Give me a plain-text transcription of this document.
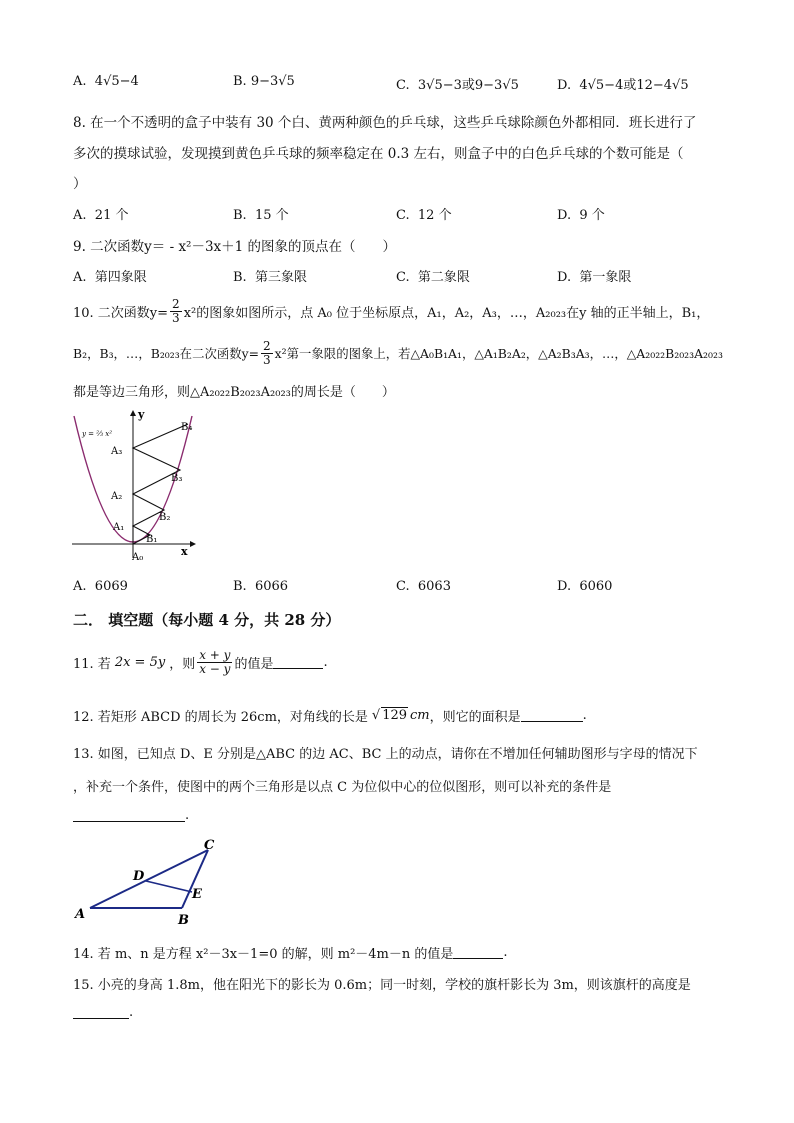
A. 4√5−4	B. 9−3√5	C. 3√5−3或9−3√5	D. 4√5−4或12−4√5
8. 在一个不透明的盒子中装有 30 个白、黄两种颜色的乒乓球，这些乒乓球除颜色外都相同．班长进行了
多次的摸球试验，发现摸到黄色乒乓球的频率稳定在 0.3 左右，则盒子中的白色乒乓球的个数可能是（
）
A. 21 个	B. 15 个	C. 12 个	D. 9 个
9. 二次函数y＝ - x²－3x＋1 的图象的顶点在（　　）
A. 第四象限	B. 第三象限	C. 第二象限	D. 第一象限
10. 二次函数$y= \frac{2}{3} x^2$的图象如图所示，点 A₀ 位于坐标原点，A₁，A₂，A₃，…，A₂₀₂₃在y 轴的正半轴上，B₁，
B₂，B₃，…，B₂₀₂₃在二次函数$y= \frac{2}{3} x^2$第一象限的图象上，若△A₀B₁A₁，△A₁B₂A₂，△A₂B₃A₃，…，△A₂₀₂₂B₂₀₂₃A₂₀₂₃
都是等边三角形，则△A₂₀₂₂B₂₀₂₃A₂₀₂₃的周长是（　　）
y = ⅔ x²
y
x
A₀
A₁
A₂
A₃
B₁
B₂
B₃
B₄
A. 6069	B. 6066	C. 6063	D. 6060
二． 填空题（每小题 4 分，共 28 分）
11. 若 2x = 5y ，则 $\frac{x + y}{x - y}$ 的值是	.
12. 若矩形 ABCD 的周长为 26cm，对角线的长是 √ 129 cm ，则它的面积是	.
13. 如图，已知点 D、E 分别是△ABC 的边 AC、BC 上的动点，请你在不增加任何辅助图形与字母的情况下
，补充一个条件，使图中的两个三角形是以点 C 为位似中心的位似图形，则可以补充的条件是
.
A	B
C
D
E
14. 若 m、n 是方程 x²－3x－1=0 的解，则 m²－4m－n 的值是	.
15. 小亮的身高 1.8m，他在阳光下的影长为 0.6m；同一时刻，学校的旗杆影长为 3m，则该旗杆的高度是
.
